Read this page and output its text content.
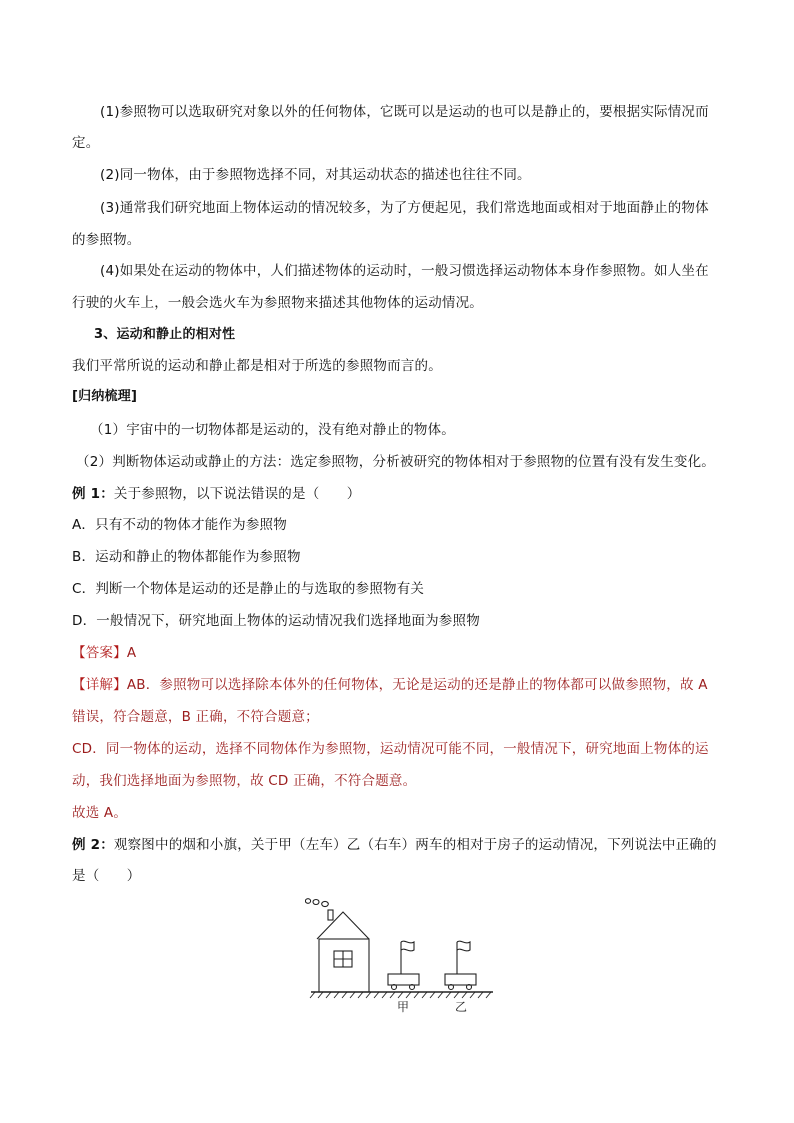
(1)参照物可以选取研究对象以外的任何物体，它既可以是运动的也可以是静止的，要根据实际情况而
定。
(2)同一物体，由于参照物选择不同，对其运动状态的描述也往往不同。
(3)通常我们研究地面上物体运动的情况较多，为了方便起见，我们常选地面或相对于地面静止的物体
的参照物。
(4)如果处在运动的物体中，人们描述物体的运动时，一般习惯选择运动物体本身作参照物。如人坐在
行驶的火车上，一般会选火车为参照物来描述其他物体的运动情况。
3、运动和静止的相对性
我们平常所说的运动和静止都是相对于所选的参照物而言的。
[归纳梳理]
（1）宇宙中的一切物体都是运动的，没有绝对静止的物体。
（2）判断物体运动或静止的方法：选定参照物，分析被研究的物体相对于参照物的位置有没有发生变化。
例 1：关于参照物，以下说法错误的是（　　）
A．只有不动的物体才能作为参照物
B．运动和静止的物体都能作为参照物
C．判断一个物体是运动的还是静止的与选取的参照物有关
D．一般情况下，研究地面上物体的运动情况我们选择地面为参照物
【答案】A
【详解】AB．参照物可以选择除本体外的任何物体，无论是运动的还是静止的物体都可以做参照物，故 A
错误，符合题意，B 正确，不符合题意；
CD．同一物体的运动，选择不同物体作为参照物，运动情况可能不同，一般情况下，研究地面上物体的运
动，我们选择地面为参照物，故 CD 正确，不符合题意。
故选 A。
例 2：观察图中的烟和小旗，关于甲（左车）乙（右车）两车的相对于房子的运动情况，下列说法中正确的
是（　　）
甲	乙
